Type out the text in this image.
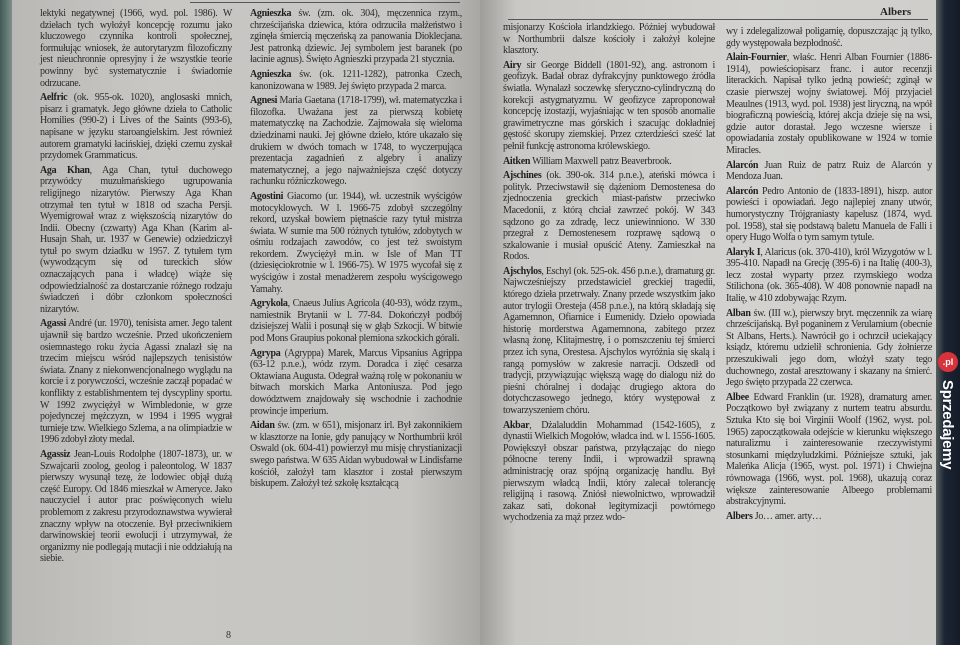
Albers

lektyki negatywnej (1966, wyd. pol. 1986). W dziełach tych wyłożył koncepcję rozumu jako kluczowego czynnika kontroli społecznej, formułując wniosek, że autorytaryzm filozoficzny jest nieuchronnie opresyjny i że wszystkie teorie powinny być systematycznie i świadomie odrzucane.

Aelfric (ok. 955-ok. 1020), anglosaski mnich, pisarz i gramatyk. Jego główne dzieła to Catholic Homilies (990-2) i Lives of the Saints (993-6), napisane w języku staroangielskim. Jest również autorem gramatyki łacińskiej, dzięki czemu zyskał przydomek Grammaticus.

Aga Khan, Aga Chan, tytuł duchowego przywódcy muzułmańskiego ugrupowania religijnego nizarytów. Pierwszy Aga Khan otrzymał ten tytuł w 1818 od szacha Persji. Wyemigrował wraz z większością nizarytów do Indii. Obecny (czwarty) Aga Khan (Karim al-Husajn Shah, ur. 1937 w Genewie) odziedziczył tytuł po swym dziadku w 1957. Z tytułem tym (wywodzącym się od tureckich słów oznaczających pana i władcę) wiąże się odpowiedzialność za dostarczanie różnego rodzaju świadczeń i dóbr członkom społeczności nizarytów.

Agassi André (ur. 1970), tenisista amer. Jego talent ujawnił się bardzo wcześnie. Przed ukończeniem osiemnastego roku życia Agassi znalazł się na trzecim miejscu wśród najlepszych tenisistów świata. Znany z niekonwencjonalnego wyglądu na korcie i z porywczości, wcześnie zaczął popadać w konflikty z establishmentem tej dyscypliny sportu. W 1992 zwyciężył w Wimbledonie, w grze pojedynczej mężczyzn, w 1994 i 1995 wygrał turnieje tzw. Wielkiego Szlema, a na olimpiadzie w 1996 zdobył złoty medal.

Agassiz Jean-Louis Rodolphe (1807-1873), ur. w Szwajcarii zoolog, geolog i paleontolog. W 1837 pierwszy wysunął tezę, że lodowiec objął dużą część Europy. Od 1846 mieszkał w Ameryce. Jako nauczyciel i autor prac poświęconych wielu problemom z zakresu przyrodoznawstwa wywierał znaczny wpływ na otoczenie. Był przeciwnikiem darwinowskiej teorii ewolucji i utrzymywał, że organizmy nie podlegają mutacji i nie oddziałują na siebie.

Agnieszka św. (zm. ok. 304), męczennica rzym., chrześcijańska dziewica, która odrzuciła małżeństwo i zginęła śmiercią męczeńską za panowania Dioklecjana. Jest patronką dziewic. Jej symbolem jest baranek (po łacinie agnus). Święto Agnieszki przypada 21 stycznia.

Agnieszka św. (ok. 1211-1282), patronka Czech, kanonizowana w 1989. Jej święto przypada 2 marca.

Agnesi Maria Gaetana (1718-1799), wł. matematyczka i filozofka. Uważana jest za pierwszą kobietę matematyczkę na Zachodzie. Zajmowała się wieloma dziedzinami nauki. Jej główne dzieło, które ukazało się drukiem w dwóch tomach w 1748, to wyczerpująca prezentacja zagadnień z algebry i analizy matematycznej, a jego najważniejsza część dotyczy rachunku różniczkowego.

Agostini Giacomo (ur. 1944), wł. uczestnik wyścigów motocyklowych. W l. 1966-75 zdobył szczególny rekord, uzyskał bowiem piętnaście razy tytuł mistrza świata. W sumie ma 500 różnych tytułów, zdobytych w ośmiu rodzajach zawodów, co jest też swoistym rekordem. Zwyciężył m.in. w Isle of Man TT (dziesięciokrotnie w l. 1966-75). W 1975 wycofał się z wyścigów i został menadżerem zespołu wyścigowego Yamahy.

Agrykola, Cnaeus Julius Agricola (40-93), wódz rzym., namiestnik Brytanii w l. 77-84. Dokończył podbój dzisiejszej Walii i posunął się w głąb Szkocji. W bitwie pod Mons Graupius pokonał plemiona szkockich górali.

Agrypa (Agryppa) Marek, Marcus Vipsanius Agrippa (63-12 p.n.e.), wódz rzym. Doradca i zięć cesarza Oktawiana Augusta. Odegrał ważną rolę w pokonaniu w bitwach morskich Marka Antoniusza. Pod jego dowództwem znajdowały się wschodnie i zachodnie prowincje imperium.

Aidan św. (zm. w 651), misjonarz irl. Był zakonnikiem w klasztorze na Ionie, gdy panujący w Northumbrii król Oswald (ok. 604-41) powierzył mu misję chrystianizacji swego państwa. W 635 Aidan wybudował w Lindisfarne kościół, założył tam klasztor i został pierwszym biskupem. Założył też szkołę kształcącą

misjonarzy Kościoła irlandzkiego. Później wybudował w Northumbrii dalsze kościoły i założył kolejne klasztory.

Airy sir George Biddell (1801-92), ang. astronom i geofizyk. Badał obraz dyfrakcyjny punktowego źródła światła. Wynalazł soczewkę sferyczno-cylindryczną do korekcji astygmatyzmu. W geofizyce zaproponował koncepcję izostazji, wyjaśniając w ten sposób anomalie grawimetryczne mas górskich i szacując dokładniej gęstość skorupy ziemskiej. Przez czterdzieści sześć lat pełnił funkcję astronoma królewskiego.

Aitken William Maxwell patrz Beaverbrook.

Ajschines (ok. 390-ok. 314 p.n.e.), ateński mówca i polityk. Przeciwstawił się dążeniom Demostenesa do zjednoczenia greckich miast-państw przeciwko Macedonii, z którą chciał zawrzeć pokój. W 343 sądzono go za zdradę, lecz uniewinniono. W 330 przegrał z Demostenesem rozprawę sądową o szkalowanie i musiał opuścić Ateny. Zamieszkał na Rodos.

Ajschylos, Eschyl (ok. 525-ok. 456 p.n.e.), dramaturg gr. Najwcześniejszy przedstawiciel greckiej tragedii, którego dzieła przetrwały. Znany przede wszystkim jako autor trylogii Oresteja (458 p.n.e.), na którą składają się Agamemnon, Ofiarnice i Eumenidy. Dzieło opowiada historię morderstwa Agamemnona, zabitego przez własną żonę, Klitajmestrę, i o pomszczeniu tej śmierci przez ich syna, Orestesa. Ajschylos wyróżnia się skalą i rangą pomysłów w zakresie narracji. Odszedł od tradycji, przywiązując większą wagę do dialogu niż do pieśni chóralnej i dodając drugiego aktora do dotychczasowego jednego, który występował z towarzyszeniem chóru.

Akbar, Dżalaluddin Mohammad (1542-1605), z dynastii Wielkich Mogołów, władca ind. w l. 1556-1605. Powiększył obszar państwa, przyłączając do niego północne tereny Indii, i wprowadził sprawną administrację oraz spójną organizację handlu. Był pierwszym władcą Indii, który zalecał tolerancję religijną i rasową. Zniósł niewolnictwo, wprowadził zakaz sati, dokonał legitymizacji powtórnego wychodzenia za mąż przez wdo-

wy i zdelegalizował poligamię, dopuszczając ją tylko, gdy występowała bezpłodność.

Alain-Fournier, właśc. Henri Alban Fournier (1886-1914), powieściopisarz franc. i autor recenzji literackich. Napisał tylko jedną powieść; zginął w czasie pierwszej wojny światowej. Mój przyjaciel Meaulnes (1913, wyd. pol. 1938) jest liryczną, na wpół biograficzną powieścią, której akcja dzieje się na wsi, gdzie autor dorastał. Jego wczesne wiersze i opowiadania zostały opublikowane w 1924 w tomie Miracles.

Alarcón Juan Ruiz de patrz Ruiz de Alarcón y Mendoza Juan.

Alarcón Pedro Antonio de (1833-1891), hiszp. autor powieści i opowiadań. Jego najlepiej znany utwór, humorystyczny Trójgraniasty kapelusz (1874, wyd. pol. 1958), stał się podstawą baletu Manuela de Falli i opery Hugo Wolfa o tym samym tytule.

Alaryk I, Alaricus (ok. 370-410), król Wizygotów w l. 395-410. Napadł na Grecję (395-6) i na Italię (400-3), lecz został wyparty przez rzymskiego wodza Stilichona (ok. 365-408). W 408 ponownie napadł na Italię, w 410 zdobywając Rzym.

Alban św. (III w.), pierwszy bryt. męczennik za wiarę chrześcijańską. Był poganinem z Verulamium (obecnie St Albans, Herts.). Nawrócił go i ochrzcił uciekający ksiądz, któremu udzielił schronienia. Gdy żołnierze przeszukiwali jego dom, włożył szaty tego duchownego, został aresztowany i skazany na śmierć. Jego święto przypada 22 czerwca.

Albee Edward Franklin (ur. 1928), dramaturg amer. Początkowo był związany z nurtem teatru absurdu. Sztuka Kto się boi Virginii Woolf (1962, wyst. pol. 1965) zapoczątkowała odejście w kierunku większego naturalizmu i zainteresowanie rzeczywistymi stosunkami międzyludzkimi. Późniejsze sztuki, jak Maleńka Alicja (1965, wyst. pol. 1971) i Chwiejna równowaga (1966, wyst. pol. 1968), ukazują coraz większe zainteresowanie Albeego problemami abstrakcyjnymi.

Albers Jo… amer. arty…

8
.pl
Sprzedajemy
